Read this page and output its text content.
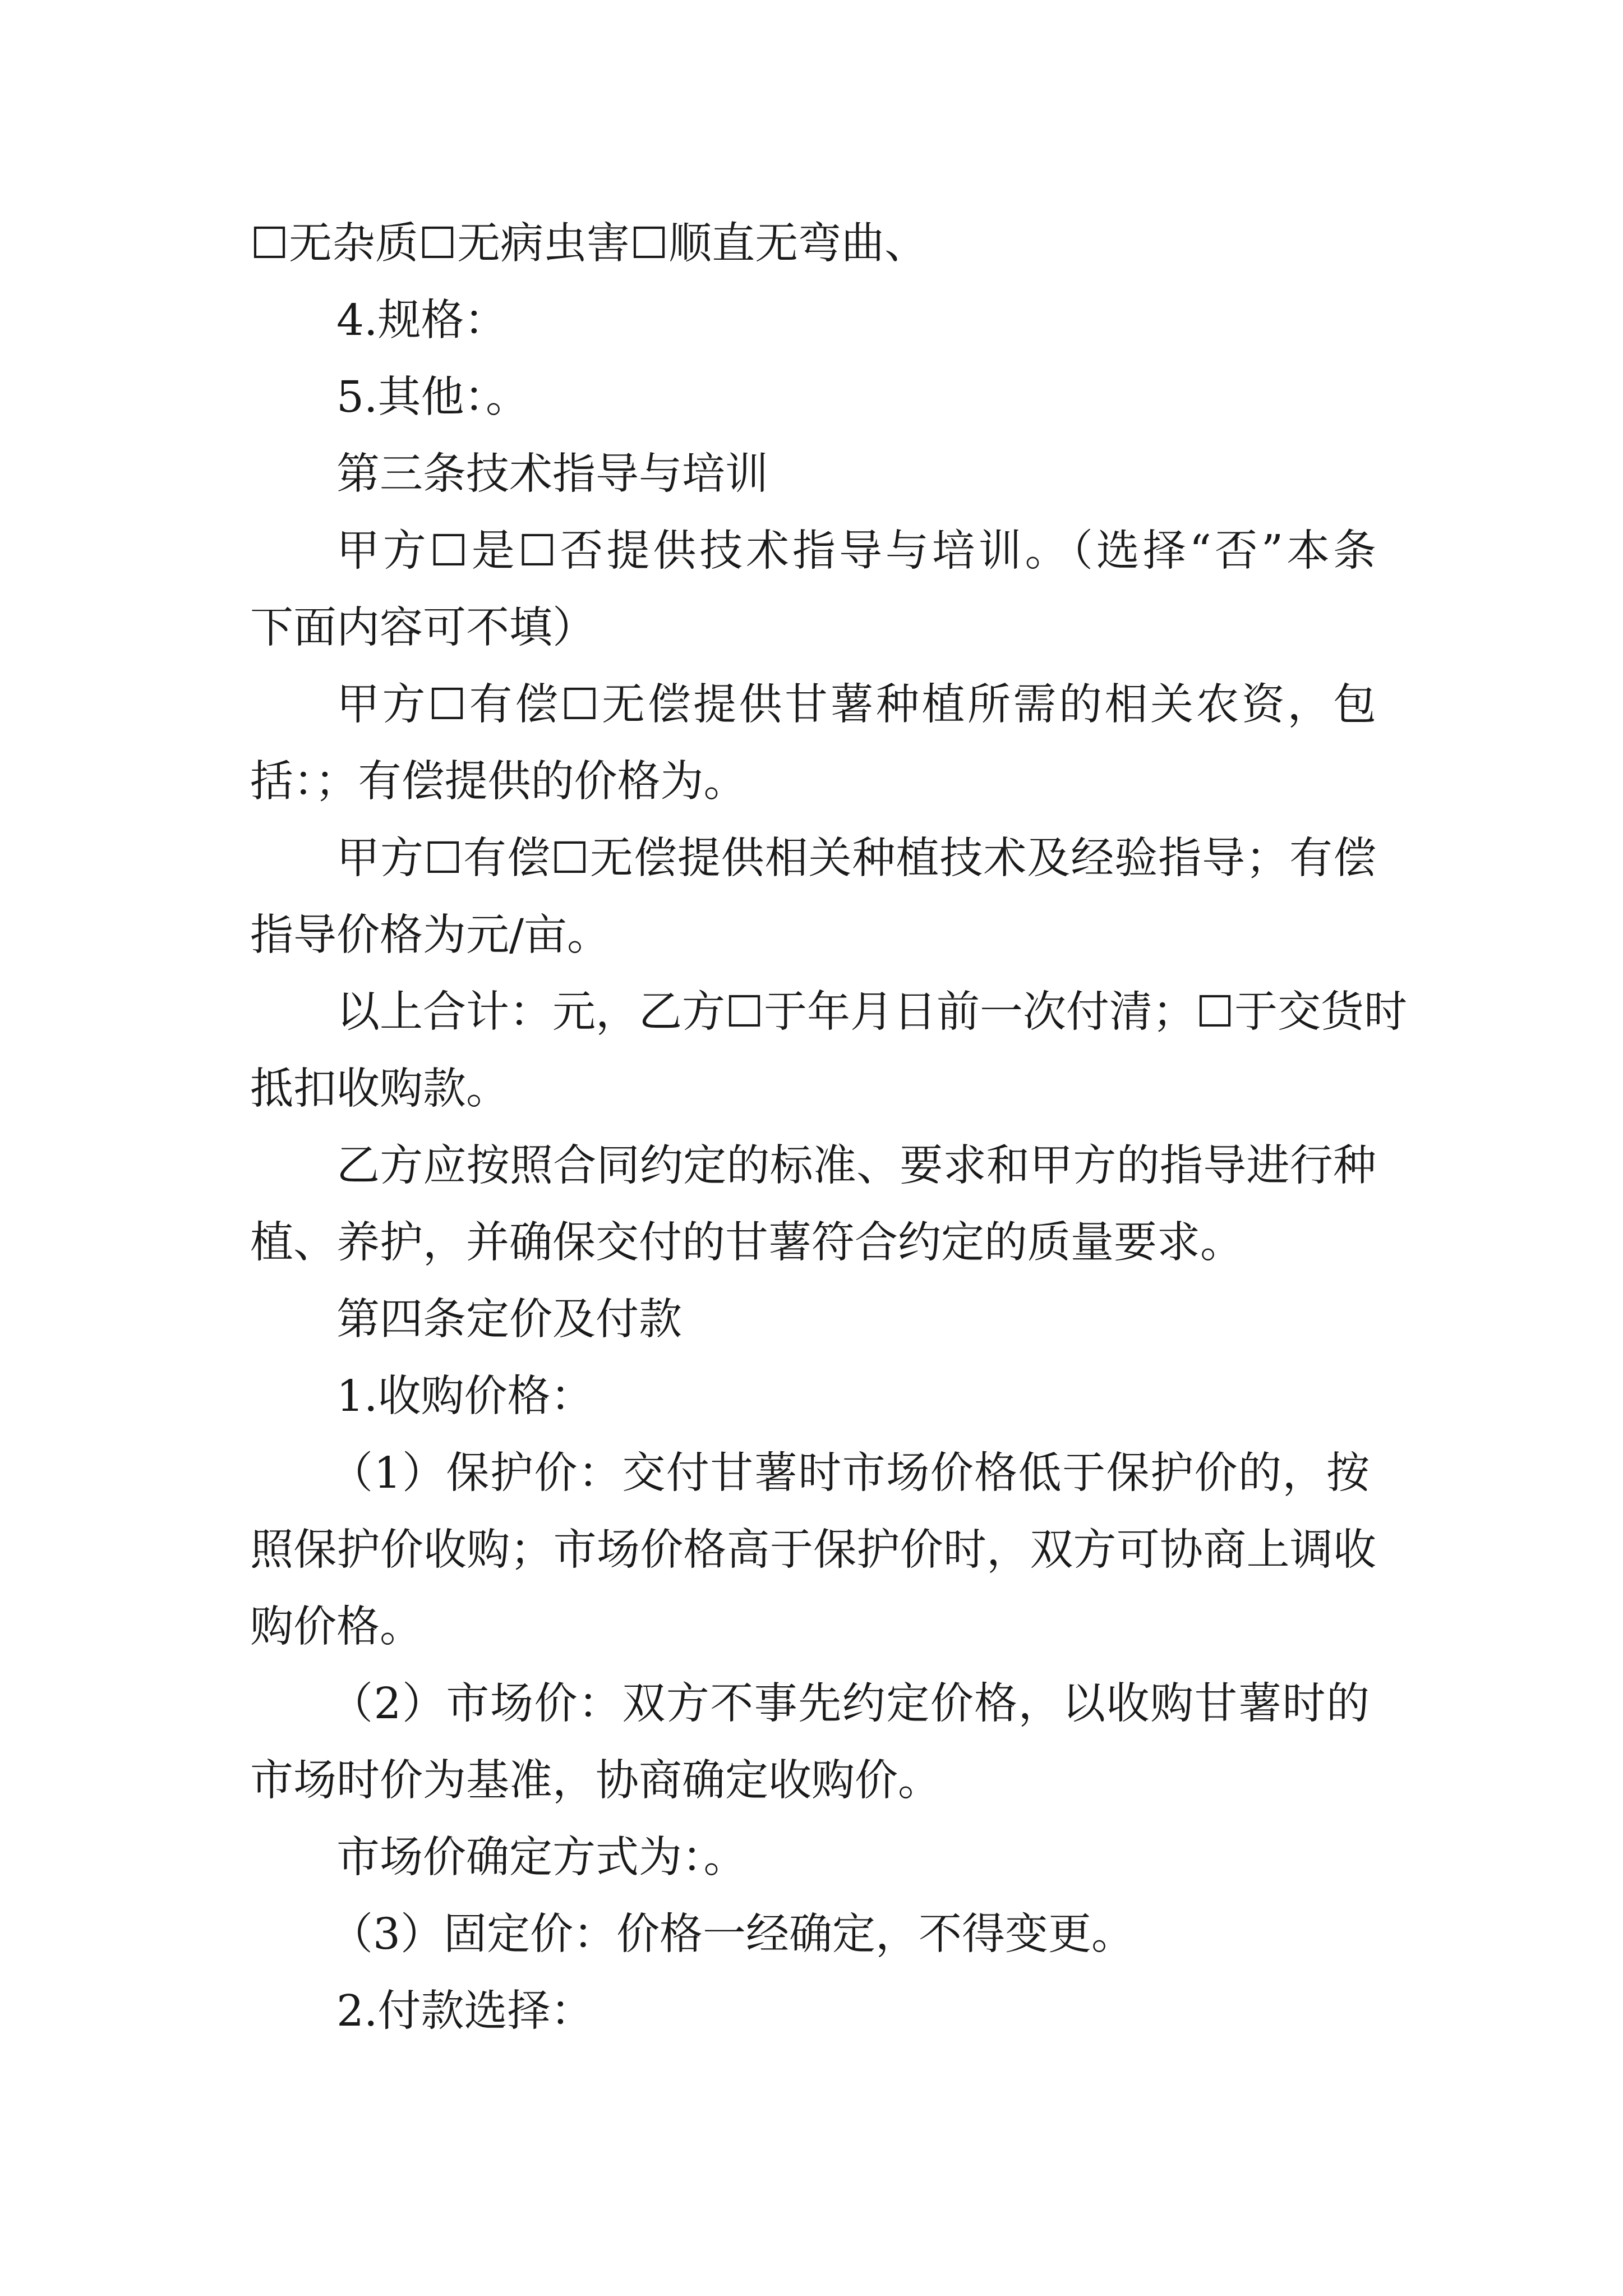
☐无杂质☐无病虫害☐顺直无弯曲、
4.规格：
5.其他：。
第三条技术指导与培训
甲方☐是☐否提供技术指导与培训。（选择“否”本条
下面内容可不填）
甲方☐有偿☐无偿提供甘薯种植所需的相关农资，包
括：；有偿提供的价格为。
甲方☐有偿☐无偿提供相关种植技术及经验指导；有偿
指导价格为元/亩。
以上合计：元，乙方☐于年月日前一次付清；☐于交货时
抵扣收购款。
乙方应按照合同约定的标准、要求和甲方的指导进行种
植、养护，并确保交付的甘薯符合约定的质量要求。
第四条定价及付款
1.收购价格：
（1）保护价：交付甘薯时市场价格低于保护价的，按
照保护价收购；市场价格高于保护价时，双方可协商上调收
购价格。
（2）市场价：双方不事先约定价格，以收购甘薯时的
市场时价为基准，协商确定收购价。
市场价确定方式为：。
（3）固定价：价格一经确定，不得变更。
2.付款选择：
